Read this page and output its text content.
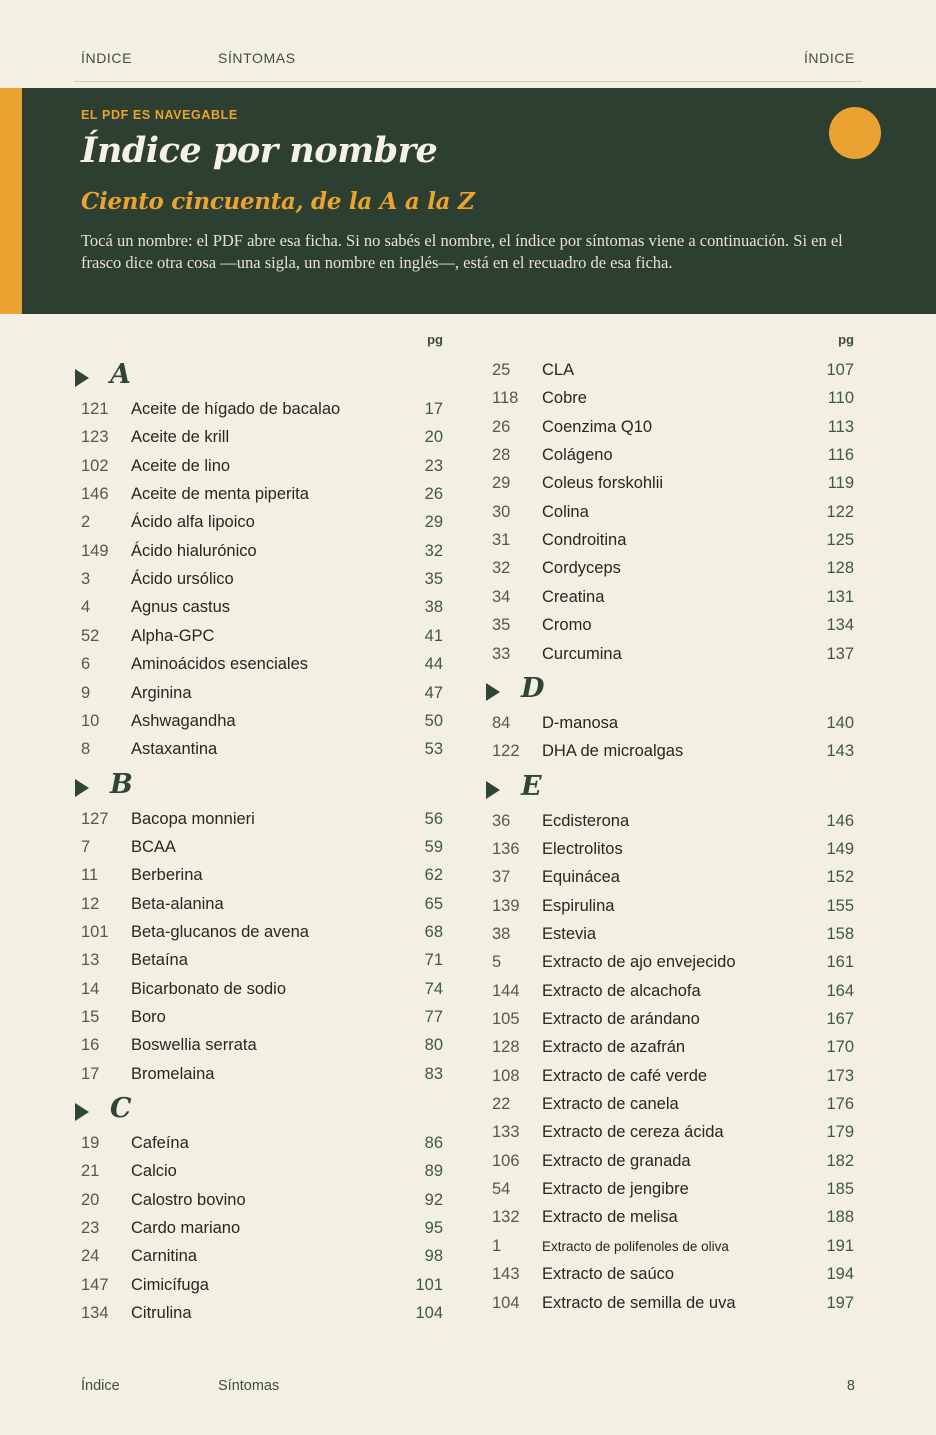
ÍNDICE	SÍNTOMAS	ÍNDICE
EL PDF ES NAVEGABLE
Índice por nombre
Ciento cincuenta, de la A a la Z
Tocá un nombre: el PDF abre esa ficha. Si no sabés el nombre, el índice por síntomas viene a continuación. Si en el frasco dice otra cosa —una sigla, un nombre en inglés—, está en el recuadro de esa ficha.
pg
A
121 Aceite de hígado de bacalao	17
123 Aceite de krill	20
102 Aceite de lino	23
146 Aceite de menta piperita	26
2 Ácido alfa lipoico	29
149 Ácido hialurónico	32
3 Ácido ursólico	35
4 Agnus castus	38
52 Alpha-GPC	41
6 Aminoácidos esenciales	44
9 Arginina	47
10 Ashwagandha	50
8 Astaxantina	53
B
127 Bacopa monnieri	56
7 BCAA	59
11 Berberina	62
12 Beta-alanina	65
101 Beta-glucanos de avena	68
13 Betaína	71
14 Bicarbonato de sodio	74
15 Boro	77
16 Boswellia serrata	80
17 Bromelaina	83
C
19 Cafeína	86
21 Calcio	89
20 Calostro bovino	92
23 Cardo mariano	95
24 Carnitina	98
147 Cimicífuga	101
134 Citrulina	104
pg
25 CLA	107
118 Cobre	110
26 Coenzima Q10	113
28 Colágeno	116
29 Coleus forskohlii	119
30 Colina	122
31 Condroitina	125
32 Cordyceps	128
34 Creatina	131
35 Cromo	134
33 Curcumina	137
D
84 D-manosa	140
122 DHA de microalgas	143
E
36 Ecdisterona	146
136 Electrolitos	149
37 Equinácea	152
139 Espirulina	155
38 Estevia	158
5 Extracto de ajo envejecido	161
144 Extracto de alcachofa	164
105 Extracto de arándano	167
128 Extracto de azafrán	170
108 Extracto de café verde	173
22 Extracto de canela	176
133 Extracto de cereza ácida	179
106 Extracto de granada	182
54 Extracto de jengibre	185
132 Extracto de melisa	188
1	Extracto de polifenoles de oliva	191
143 Extracto de saúco	194
104 Extracto de semilla de uva	197
Índice	Síntomas	8
